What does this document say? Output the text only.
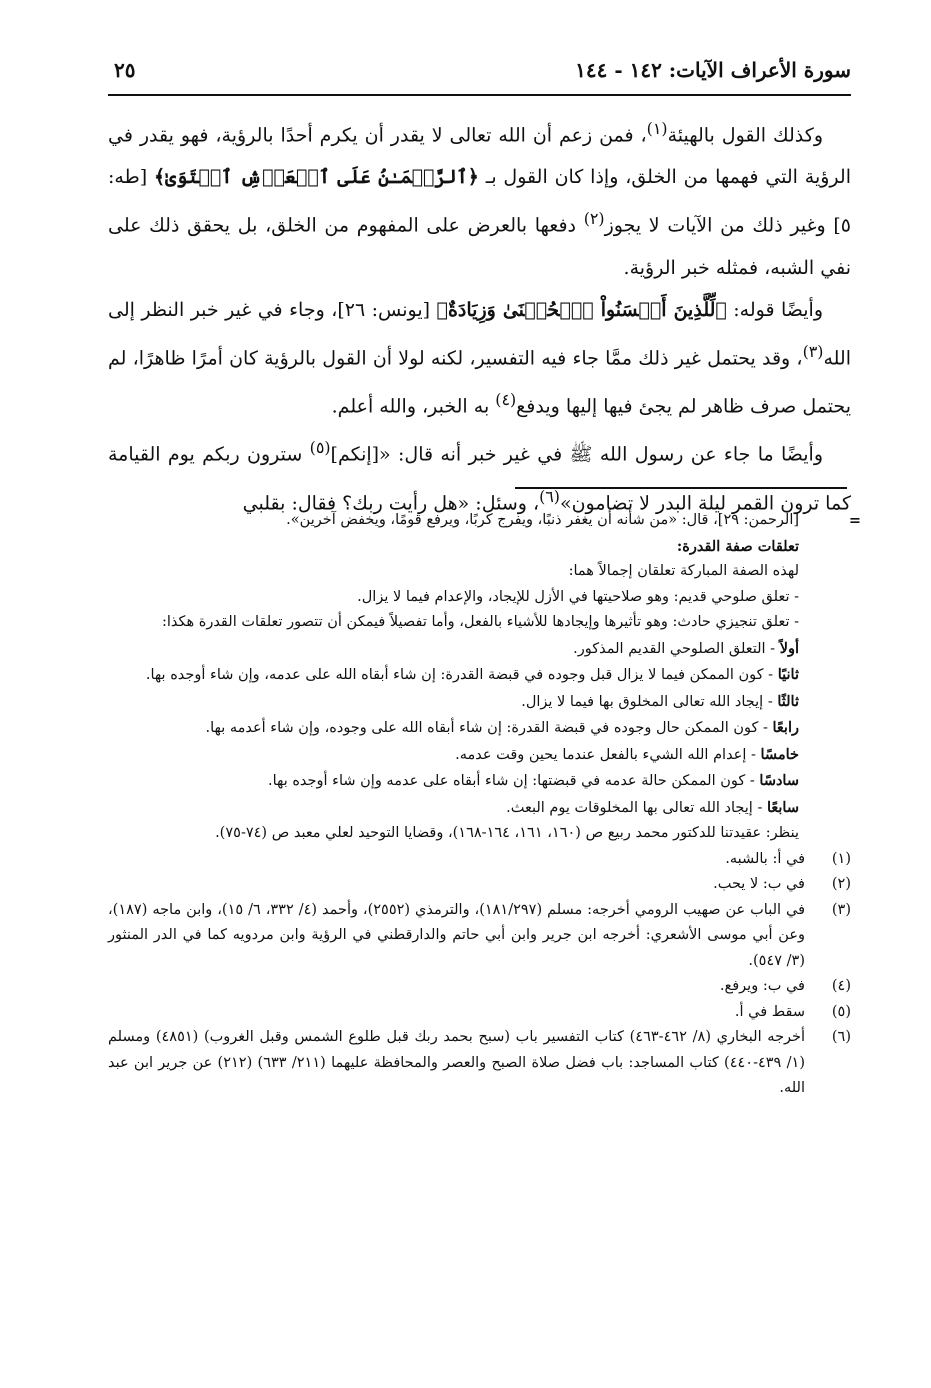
سورة الأعراف الآيات: ١٤٢ - ١٤٤
٢٥

وكذلك القول بالهيئة$^{(١)}$، فمن زعم أن الله تعالى لا يقدر أن يكرم أحدًا بالرؤية، فهو يقدر في الرؤية التي فهمها من الخلق، وإذا كان القول بـ ﴿ٱلرَّحۡمَـٰنُ عَلَى ٱلۡعَرۡشِ ٱسۡتَوَىٰ﴾ [طه: ٥] وغير ذلك من الآيات لا يجوز$^{(٢)}$ دفعها بالعرض على المفهوم من الخلق، بل يحقق ذلك على نفي الشبه، فمثله خبر الرؤية.

وأيضًا قوله: ﴿لِّلَّذِينَ أَحۡسَنُواْ ٱلۡحُسۡنَىٰ وَزِيَادَةٌ﴾ [يونس: ٢٦]، وجاء في غير خبر النظر إلى الله$^{(٣)}$، وقد يحتمل غير ذلك ممَّا جاء فيه التفسير، لكنه لولا أن القول بالرؤية كان أمرًا ظاهرًا، لم يحتمل صرف ظاهر لم يجئ فيها إليها ويدفع$^{(٤)}$ به الخبر، والله أعلم.

وأيضًا ما جاء عن رسول الله ﷺ في غير خبر أنه قال: «[إنكم]$^{(٥)}$ سترون ربكم يوم القيامة كما ترون القمر ليلة البدر لا تضامون»$^{(٦)}$، وسئل: «هل رأيت ربك؟ فقال: بقلبي

=
[الرحمن: ٢٩]، قال: «من شأنه أن يغفر ذنبًا، ويفرج كربًا، ويرفع قومًا، ويخفض آخرين».
تعلقات صفة القدرة:
لهذه الصفة المباركة تعلقان إجمالاً هما:
- تعلق صلوحي قديم: وهو صلاحيتها في الأزل للإيجاد، والإعدام فيما لا يزال.
- تعلق تنجيزي حادث: وهو تأثيرها وإيجادها للأشياء بالفعل، وأما تفصيلاً فيمكن أن تتصور تعلقات القدرة هكذا:
أولاً - التعلق الصلوحي القديم المذكور.
ثانيًا - كون الممكن فيما لا يزال قبل وجوده في قبضة القدرة: إن شاء أبقاه الله على عدمه، وإن شاء أوجده بها.
ثالثًا - إيجاد الله تعالى المخلوق بها فيما لا يزال.
رابعًا - كون الممكن حال وجوده في قبضة القدرة: إن شاء أبقاه الله على وجوده، وإن شاء أعدمه بها.
خامسًا - إعدام الله الشيء بالفعل عندما يحين وقت عدمه.
سادسًا - كون الممكن حالة عدمه في قبضتها: إن شاء أبقاه على عدمه وإن شاء أوجده بها.
سابعًا - إيجاد الله تعالى بها المخلوقات يوم البعث.
ينظر: عقيدتنا للدكتور محمد ربيع ص (١٦٠، ١٦١، ١٦٤-١٦٨)، وقضايا التوحيد لعلي معبد ص (٧٤-٧٥).
(١)
في أ: بالشبه.
(٢)
في ب: لا يحب.
(٣)
في الباب عن صهيب الرومي أخرجه: مسلم (١٨١/٢٩٧)، والترمذي (٢٥٥٢)، وأحمد (٤/ ٣٣٢، ٦/ ١٥)، وابن ماجه (١٨٧)، وعن أبي موسى الأشعري: أخرجه ابن جرير وابن أبي حاتم والدارقطني في الرؤية وابن مردويه كما في الدر المنثور (٣/ ٥٤٧).
(٤)
في ب: ويرفع.
(٥)
سقط في أ.
(٦)
أخرجه البخاري (٨/ ٤٦٢-٤٦٣) كتاب التفسير باب (سبح بحمد ربك قبل طلوع الشمس وقبل الغروب) (٤٨٥١) ومسلم (١/ ٤٣٩-٤٤٠) كتاب المساجد: باب فضل صلاة الصبح والعصر والمحافظة عليهما (٢١١/ ٦٣٣) (٢١٢) عن جرير ابن عبد الله.
